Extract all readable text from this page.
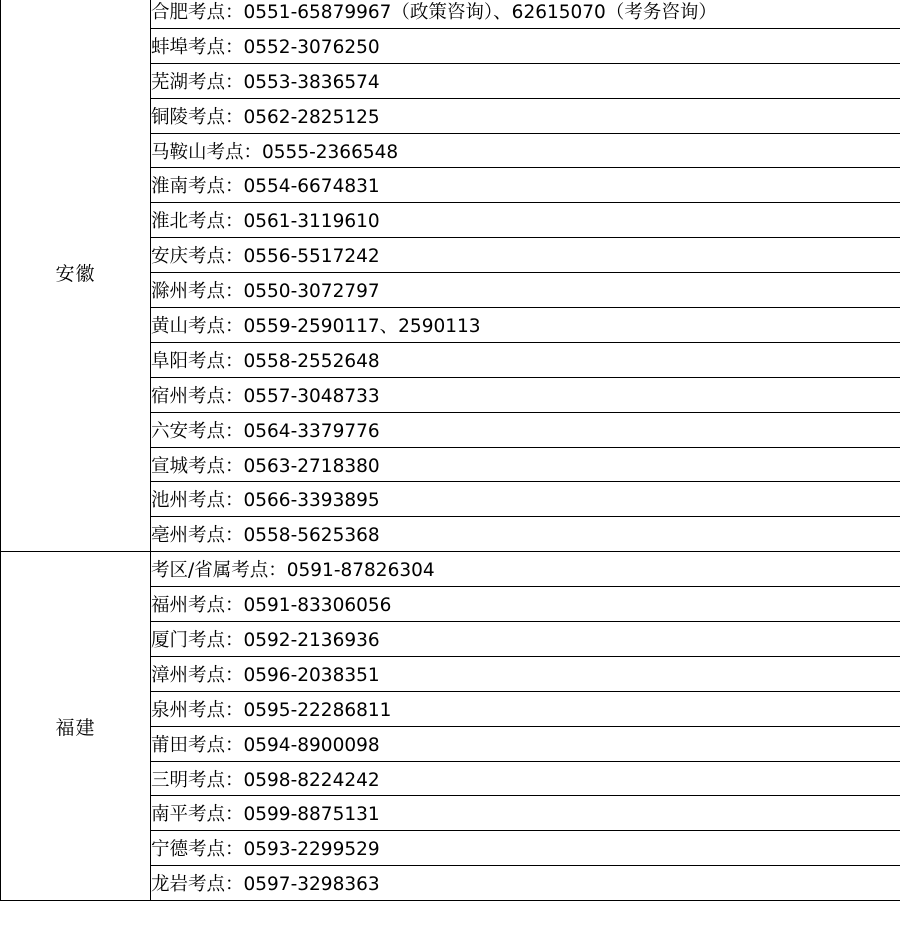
安徽	合肥考点：0551-65879967（政策咨询）、62615070（考务咨询）
	蚌埠考点：0552-3076250
	芜湖考点：0553-3836574
	铜陵考点：0562-2825125
	马鞍山考点：0555-2366548
	淮南考点：0554-6674831
	淮北考点：0561-3119610
	安庆考点：0556-5517242
	滁州考点：0550-3072797
	黄山考点：0559-2590117、2590113
	阜阳考点：0558-2552648
	宿州考点：0557-3048733
	六安考点：0564-3379776
	宣城考点：0563-2718380
	池州考点：0566-3393895
	亳州考点：0558-5625368
福建	考区/省属考点：0591-87826304
	福州考点：0591-83306056
	厦门考点：0592-2136936
	漳州考点：0596-2038351
	泉州考点：0595-22286811
	莆田考点：0594-8900098
	三明考点：0598-8224242
	南平考点：0599-8875131
	宁德考点：0593-2299529
	龙岩考点：0597-3298363
